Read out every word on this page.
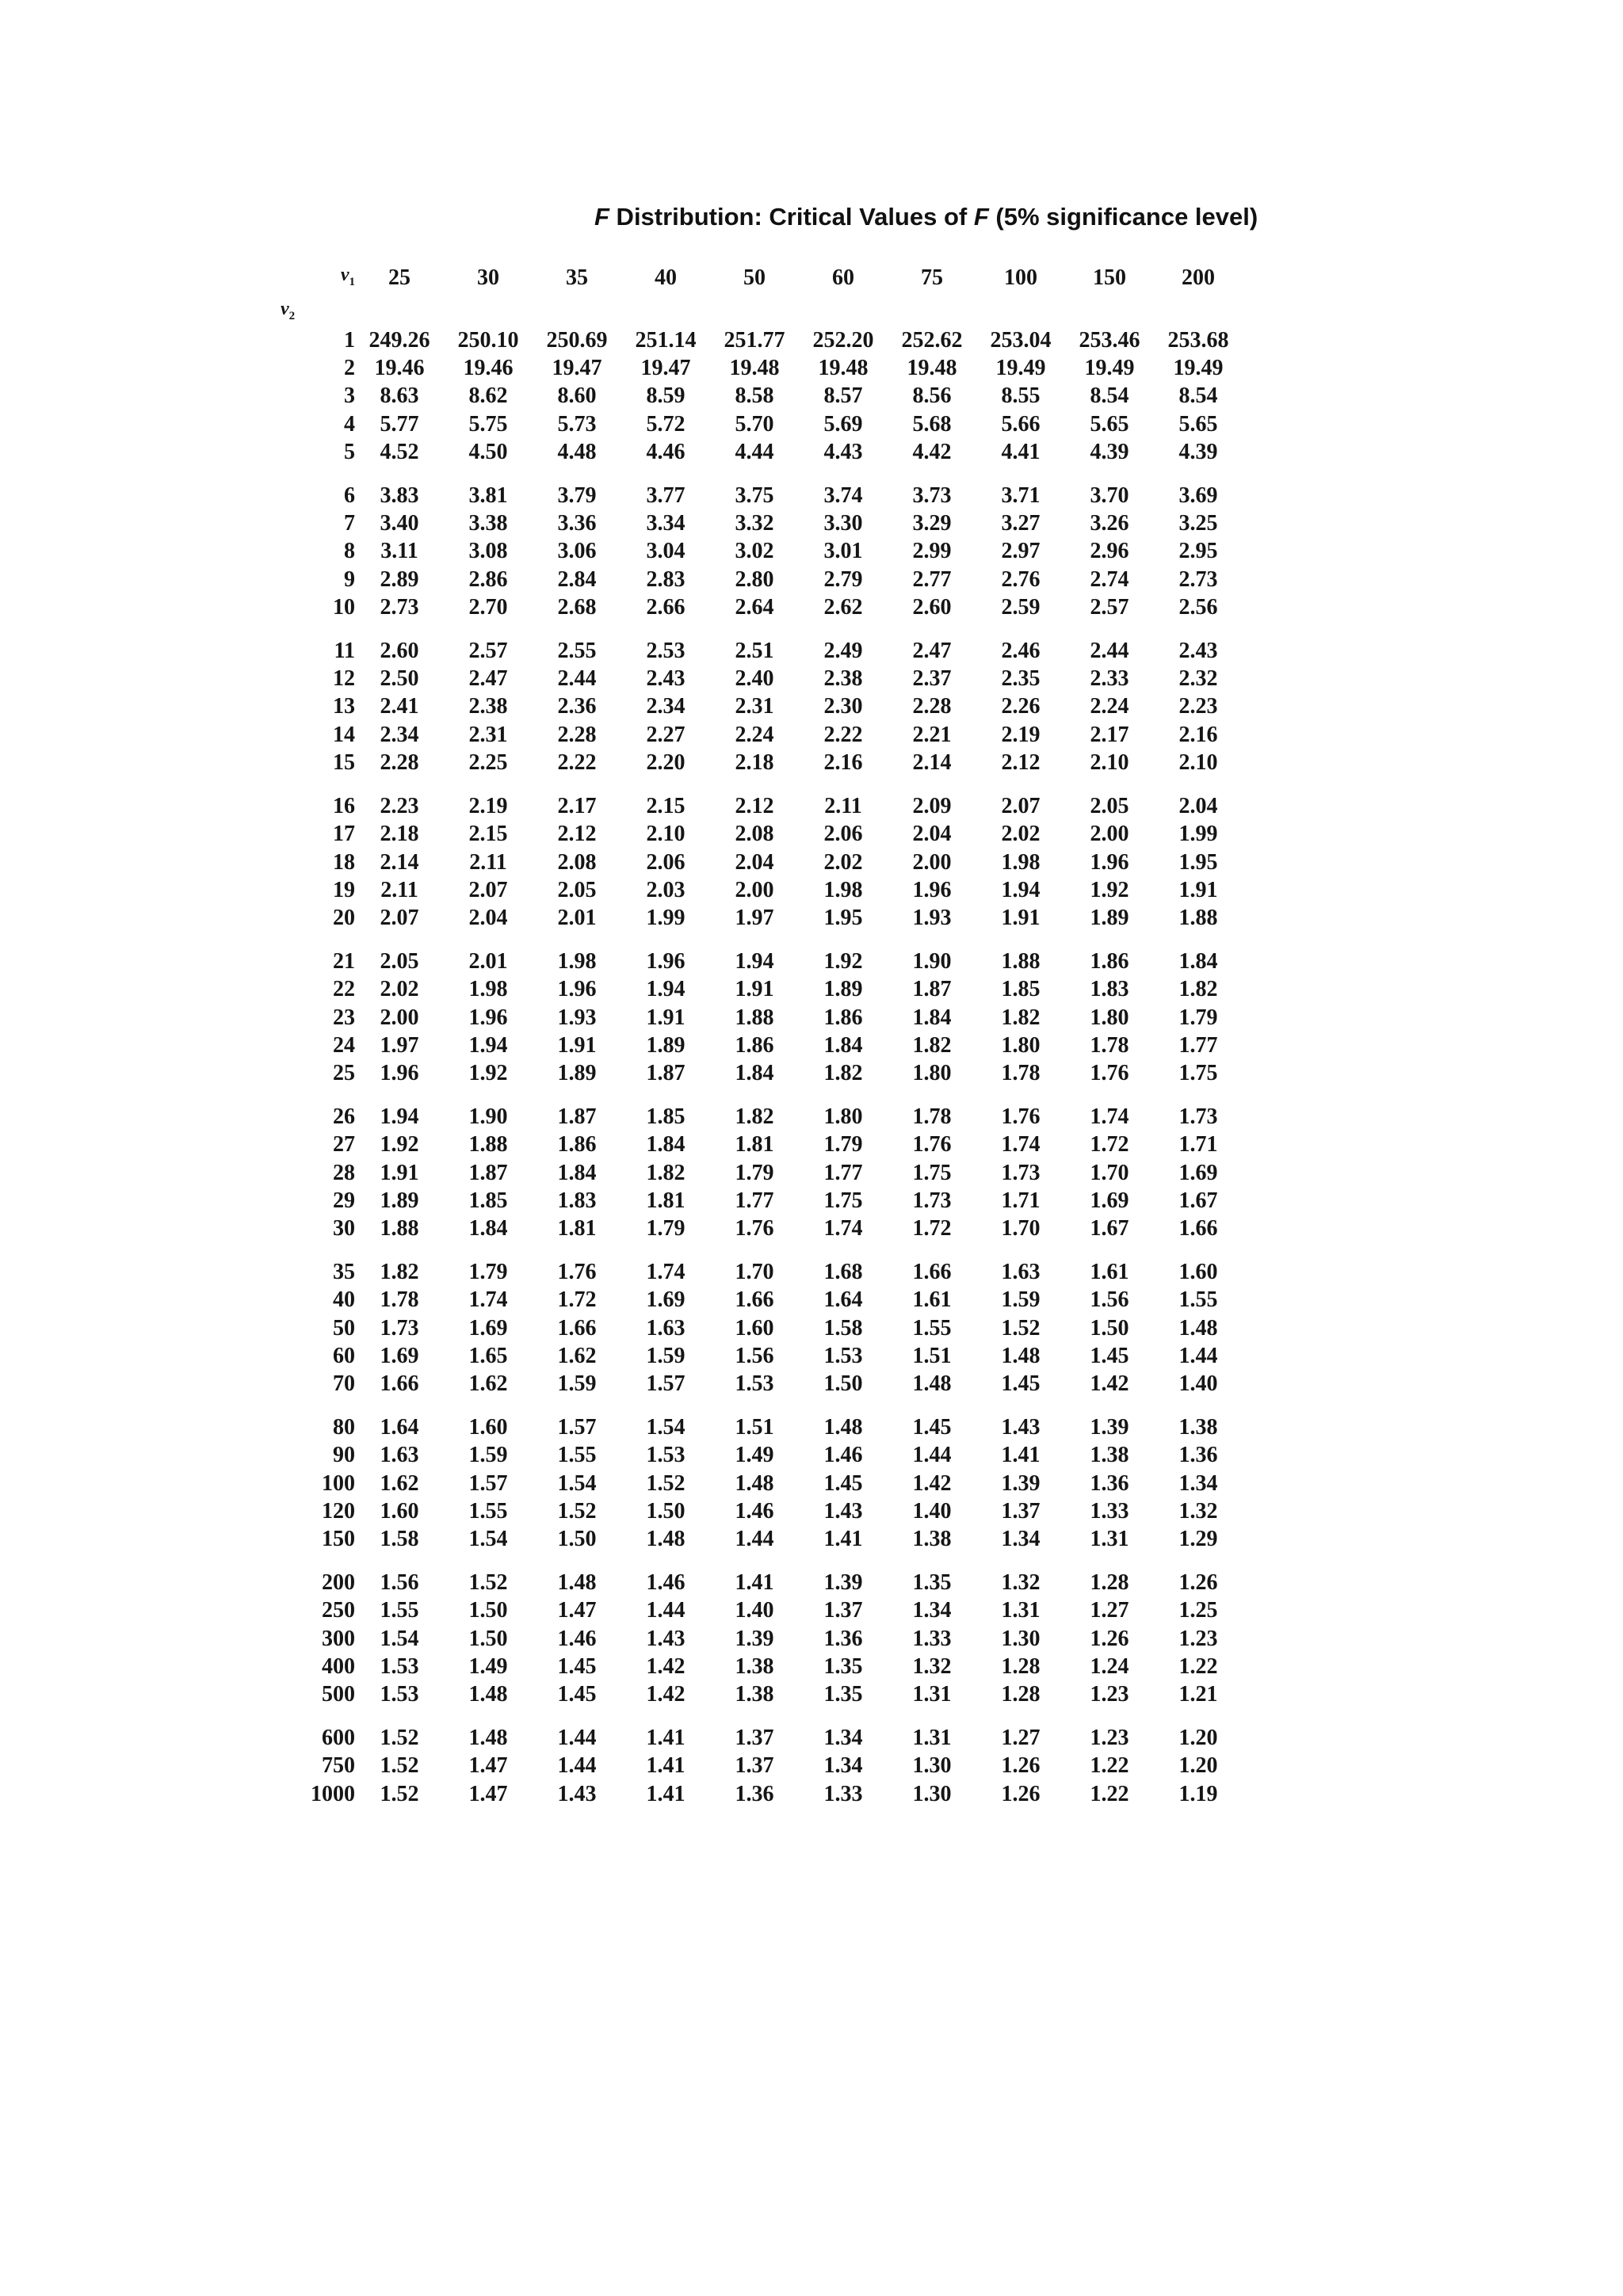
F Distribution: Critical Values of F (5% significance level)
$\nu_1$	25	30	35	40	50	60	75	100	150	200
$\nu_2$
1	249.26	250.10	250.69	251.14	251.77	252.20	252.62	253.04	253.46	253.68
2	19.46	19.46	19.47	19.47	19.48	19.48	19.48	19.49	19.49	19.49
3	8.63	8.62	8.60	8.59	8.58	8.57	8.56	8.55	8.54	8.54
4	5.77	5.75	5.73	5.72	5.70	5.69	5.68	5.66	5.65	5.65
5	4.52	4.50	4.48	4.46	4.44	4.43	4.42	4.41	4.39	4.39

6	3.83	3.81	3.79	3.77	3.75	3.74	3.73	3.71	3.70	3.69
7	3.40	3.38	3.36	3.34	3.32	3.30	3.29	3.27	3.26	3.25
8	3.11	3.08	3.06	3.04	3.02	3.01	2.99	2.97	2.96	2.95
9	2.89	2.86	2.84	2.83	2.80	2.79	2.77	2.76	2.74	2.73
10	2.73	2.70	2.68	2.66	2.64	2.62	2.60	2.59	2.57	2.56

11	2.60	2.57	2.55	2.53	2.51	2.49	2.47	2.46	2.44	2.43
12	2.50	2.47	2.44	2.43	2.40	2.38	2.37	2.35	2.33	2.32
13	2.41	2.38	2.36	2.34	2.31	2.30	2.28	2.26	2.24	2.23
14	2.34	2.31	2.28	2.27	2.24	2.22	2.21	2.19	2.17	2.16
15	2.28	2.25	2.22	2.20	2.18	2.16	2.14	2.12	2.10	2.10

16	2.23	2.19	2.17	2.15	2.12	2.11	2.09	2.07	2.05	2.04
17	2.18	2.15	2.12	2.10	2.08	2.06	2.04	2.02	2.00	1.99
18	2.14	2.11	2.08	2.06	2.04	2.02	2.00	1.98	1.96	1.95
19	2.11	2.07	2.05	2.03	2.00	1.98	1.96	1.94	1.92	1.91
20	2.07	2.04	2.01	1.99	1.97	1.95	1.93	1.91	1.89	1.88

21	2.05	2.01	1.98	1.96	1.94	1.92	1.90	1.88	1.86	1.84
22	2.02	1.98	1.96	1.94	1.91	1.89	1.87	1.85	1.83	1.82
23	2.00	1.96	1.93	1.91	1.88	1.86	1.84	1.82	1.80	1.79
24	1.97	1.94	1.91	1.89	1.86	1.84	1.82	1.80	1.78	1.77
25	1.96	1.92	1.89	1.87	1.84	1.82	1.80	1.78	1.76	1.75

26	1.94	1.90	1.87	1.85	1.82	1.80	1.78	1.76	1.74	1.73
27	1.92	1.88	1.86	1.84	1.81	1.79	1.76	1.74	1.72	1.71
28	1.91	1.87	1.84	1.82	1.79	1.77	1.75	1.73	1.70	1.69
29	1.89	1.85	1.83	1.81	1.77	1.75	1.73	1.71	1.69	1.67
30	1.88	1.84	1.81	1.79	1.76	1.74	1.72	1.70	1.67	1.66

35	1.82	1.79	1.76	1.74	1.70	1.68	1.66	1.63	1.61	1.60
40	1.78	1.74	1.72	1.69	1.66	1.64	1.61	1.59	1.56	1.55
50	1.73	1.69	1.66	1.63	1.60	1.58	1.55	1.52	1.50	1.48
60	1.69	1.65	1.62	1.59	1.56	1.53	1.51	1.48	1.45	1.44
70	1.66	1.62	1.59	1.57	1.53	1.50	1.48	1.45	1.42	1.40

80	1.64	1.60	1.57	1.54	1.51	1.48	1.45	1.43	1.39	1.38
90	1.63	1.59	1.55	1.53	1.49	1.46	1.44	1.41	1.38	1.36
100	1.62	1.57	1.54	1.52	1.48	1.45	1.42	1.39	1.36	1.34
120	1.60	1.55	1.52	1.50	1.46	1.43	1.40	1.37	1.33	1.32
150	1.58	1.54	1.50	1.48	1.44	1.41	1.38	1.34	1.31	1.29

200	1.56	1.52	1.48	1.46	1.41	1.39	1.35	1.32	1.28	1.26
250	1.55	1.50	1.47	1.44	1.40	1.37	1.34	1.31	1.27	1.25
300	1.54	1.50	1.46	1.43	1.39	1.36	1.33	1.30	1.26	1.23
400	1.53	1.49	1.45	1.42	1.38	1.35	1.32	1.28	1.24	1.22
500	1.53	1.48	1.45	1.42	1.38	1.35	1.31	1.28	1.23	1.21

600	1.52	1.48	1.44	1.41	1.37	1.34	1.31	1.27	1.23	1.20
750	1.52	1.47	1.44	1.41	1.37	1.34	1.30	1.26	1.22	1.20
1000	1.52	1.47	1.43	1.41	1.36	1.33	1.30	1.26	1.22	1.19
